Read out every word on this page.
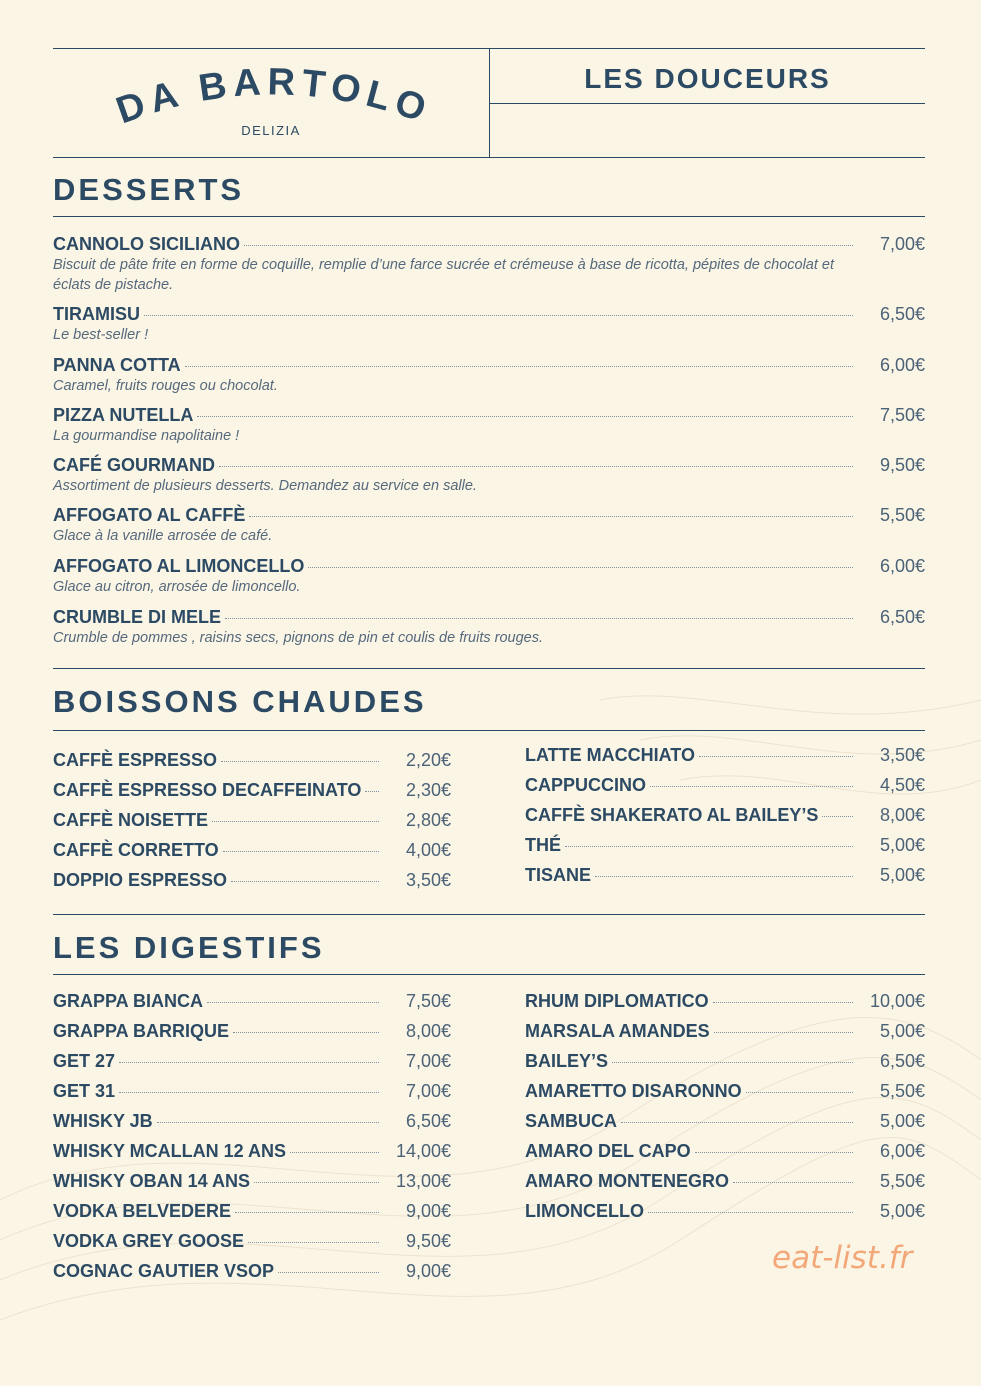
DA BARTOLO
DELIZIA
LES DOUCEURS
DESSERTS
CANNOLO SICILIANO	7,00€
Biscuit de pâte frite en forme de coquille, remplie d’une farce sucrée et crémeuse à base de ricotta, pépites de chocolat et éclats de pistache.
TIRAMISU	6,50€
Le best-seller !
PANNA COTTA	6,00€
Caramel, fruits rouges ou chocolat.
PIZZA NUTELLA	7,50€
La gourmandise napolitaine !
CAFÉ GOURMAND	9,50€
Assortiment de plusieurs desserts. Demandez au service en salle.
AFFOGATO AL CAFFÈ	5,50€
Glace à la vanille arrosée de café.
AFFOGATO AL LIMONCELLO	6,00€
Glace au citron, arrosée de limoncello.
CRUMBLE DI MELE	6,50€
Crumble de pommes , raisins secs, pignons de pin et coulis de fruits rouges.
BOISSONS CHAUDES
CAFFÈ ESPRESSO	2,20€
CAFFÈ ESPRESSO DECAFFEINATO	2,30€
CAFFÈ NOISETTE	2,80€
CAFFÈ CORRETTO	4,00€
DOPPIO ESPRESSO	3,50€
LATTE MACCHIATO	3,50€
CAPPUCCINO	4,50€
CAFFÈ SHAKERATO AL BAILEY’S	8,00€
THÉ	5,00€
TISANE	5,00€
LES DIGESTIFS
GRAPPA BIANCA	7,50€
GRAPPA BARRIQUE	8,00€
GET 27	7,00€
GET 31	7,00€
WHISKY JB	6,50€
WHISKY MCALLAN 12 ANS	14,00€
WHISKY OBAN 14 ANS	13,00€
VODKA BELVEDERE	9,00€
VODKA GREY GOOSE	9,50€
COGNAC GAUTIER VSOP	9,00€
RHUM DIPLOMATICO	10,00€
MARSALA AMANDES	5,00€
BAILEY’S	6,50€
AMARETTO DISARONNO	5,50€
SAMBUCA	5,00€
AMARO DEL CAPO	6,00€
AMARO MONTENEGRO	5,50€
LIMONCELLO	5,00€
eat-list.fr
